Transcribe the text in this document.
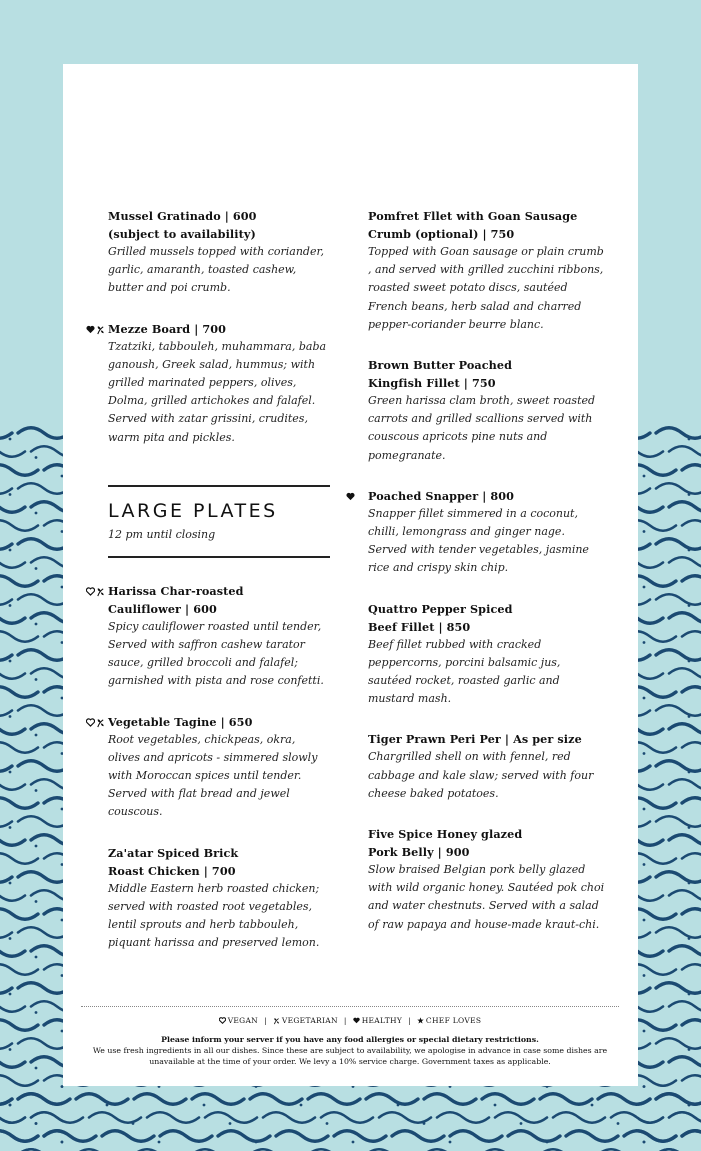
Mussel Gratinado | 600
(subject to availability)
Grilled mussels topped with coriander, garlic, amaranth, toasted cashew, butter and poi crumb.
Mezze Board | 700
Tzatziki, tabbouleh, muhammara, baba ganoush, Greek salad, hummus; with grilled marinated peppers, olives, Dolma, grilled artichokes and falafel. Served with zatar grissini, crudites, warm pita and pickles.
LARGE PLATES
12 pm until closing
Harissa Char-roasted
Cauliflower | 600
Spicy cauliflower roasted until tender, Served with saffron cashew tarator sauce, grilled broccoli and falafel; garnished with pista and rose confetti.
Vegetable Tagine | 650
Root vegetables, chickpeas, okra, olives and apricots - simmered slowly with Moroccan spices until tender. Served with flat bread and jewel couscous.
Za'atar Spiced Brick
Roast Chicken | 700
Middle Eastern herb roasted chicken; served with roasted root vegetables, lentil sprouts and herb tabbouleh, piquant harissa and preserved lemon.
Pomfret Fllet with Goan Sausage
Crumb (optional) | 750
Topped with Goan sausage or plain crumb , and served with grilled zucchini ribbons, roasted sweet potato discs, sautéed French beans, herb salad and charred pepper-coriander beurre blanc.
Brown Butter Poached
Kingfish Fillet | 750
Green harissa clam broth, sweet roasted carrots and grilled scallions served with couscous apricots pine nuts and pomegranate.
Poached Snapper | 800
Snapper fillet simmered in a coconut, chilli, lemongrass and ginger nage. Served with tender vegetables, jasmine rice and crispy skin chip.
Quattro Pepper Spiced
Beef Fillet | 850
Beef fillet rubbed with cracked peppercorns, porcini balsamic jus, sautéed rocket, roasted garlic and mustard mash.
Tiger Prawn Peri Per | As per size
Chargrilled shell on with fennel, red cabbage and kale slaw; served with four cheese baked potatoes.
Five Spice Honey glazed
Pork Belly | 900
Slow braised Belgian pork belly glazed with wild organic honey. Sautéed pok choi and water chestnuts. Served with a salad of raw papaya and house-made kraut-chi.
VEGAN | VEGETARIAN | HEALTHY | CHEF LOVES
Please inform your server if you have any food allergies or special dietary restrictions.
We use fresh ingredients in all our dishes. Since these are subject to availability, we apologise in advance in case some dishes are unavailable at the time of your order. We levy a 10% service charge. Government taxes as applicable.
